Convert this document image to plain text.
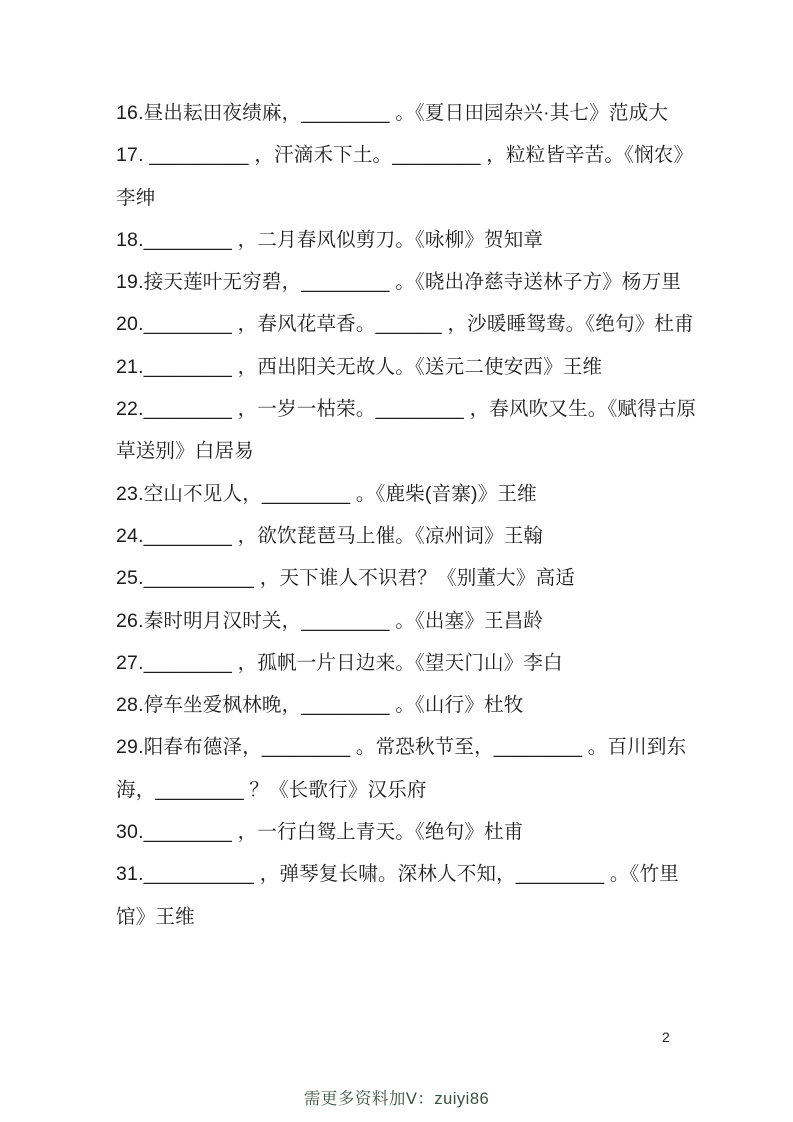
16.昼出耘田夜绩麻，________ 。《夏日田园杂兴·其七》范成大
17. _________ ，汗滴禾下土。________ ，粒粒皆辛苦。《悯农》
李绅
18.________ ，二月春风似剪刀。《咏柳》贺知章
19.接天莲叶无穷碧，________ 。《晓出净慈寺送林子方》杨万里
20.________ ，春风花草香。______ ，沙暖睡鸳鸯。《绝句》杜甫
21.________ ，西出阳关无故人。《送元二使安西》王维
22.________ ，一岁一枯荣。________ ，春风吹又生。《赋得古原
草送别》白居易
23.空山不见人，________ 。《鹿柴(音寨)》王维
24.________ ，欲饮琵琶马上催。《凉州词》王翰
25.__________ ，天下谁人不识君？《别董大》高适
26.秦时明月汉时关，________ 。《出塞》王昌龄
27.________ ，孤帆一片日边来。《望天门山》李白
28.停车坐爱枫林晚，________ 。《山行》杜牧
29.阳春布德泽，________ 。常恐秋节至，________ 。百川到东
海，________ ？《长歌行》汉乐府
30.________ ，一行白鸳上青天。《绝句》杜甫
31.__________ ，弹琴复长啸。深林人不知，________ 。《竹里
馆》王维
2
需更多资料加V：zuiyi86
